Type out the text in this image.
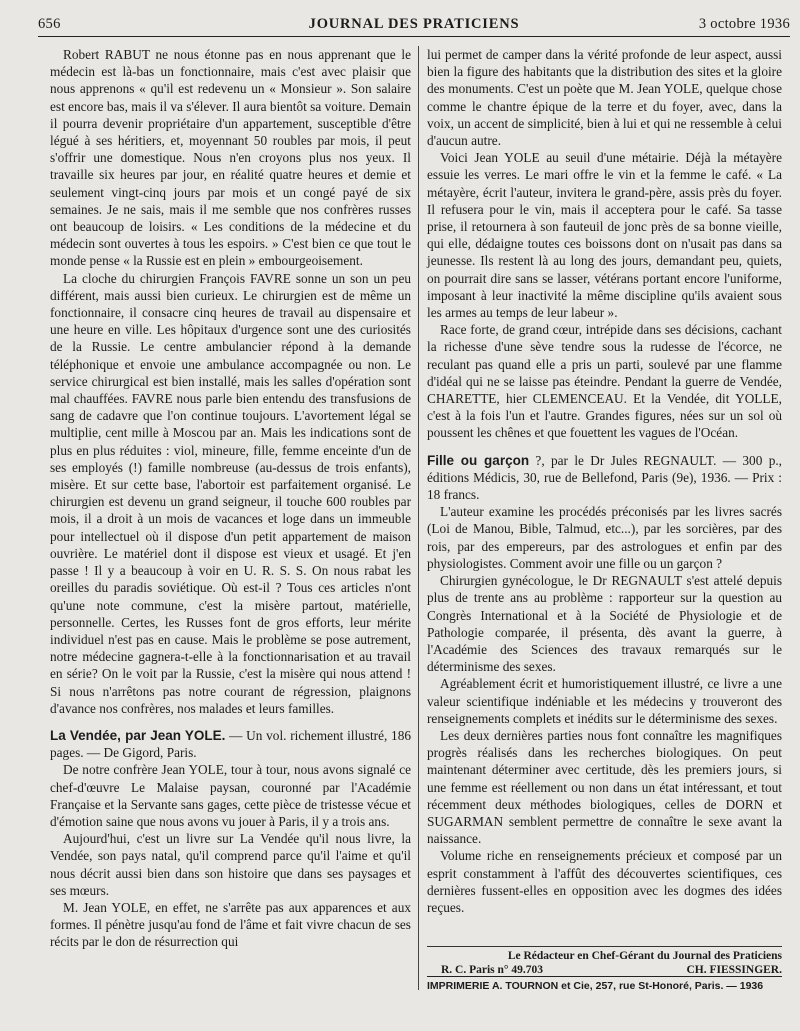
656	JOURNAL DES PRATICIENS	3 octobre 1936

Robert RABUT ne nous étonne pas en nous apprenant que le médecin est là-bas un fonctionnaire, mais c'est avec plaisir que nous apprenons « qu'il est redevenu un « Monsieur ». Son salaire est encore bas, mais il va s'élever. Il aura bientôt sa voiture. Demain il pourra devenir propriétaire d'un appartement, susceptible d'être légué à ses héritiers, et, moyennant 50 roubles par mois, il peut s'offrir une domestique. Nous n'en croyons plus nos yeux. Il travaille six heures par jour, en réalité quatre heures et demie et seulement vingt-cinq jours par mois et un congé payé de six semaines. Je ne sais, mais il me semble que nos confrères russes ont beaucoup de loisirs. « Les conditions de la médecine et du médecin sont ouvertes à tous les espoirs. » C'est bien ce que tout le monde pense « la Russie est en plein » embourgeoisement.

La cloche du chirurgien François FAVRE sonne un son un peu différent, mais aussi bien curieux. Le chirurgien est de même un fonctionnaire, il consacre cinq heures de travail au dispensaire et une heure en ville. Les hôpitaux d'urgence sont une des curiosités de la Russie. Le centre ambulancier répond à la demande téléphonique et envoie une ambulance accompagnée ou non. Le service chirurgical est bien installé, mais les salles d'opération sont mal chauffées. FAVRE nous parle bien entendu des transfusions de sang de cadavre que l'on continue toujours. L'avortement légal se multiplie, cent mille à Moscou par an. Mais les indications sont de plus en plus réduites : viol, mineure, fille, femme enceinte d'un de ses employés (!) famille nombreuse (au-dessus de trois enfants), misère. Et sur cette base, l'abortoir est parfaitement organisé. Le chirurgien est devenu un grand seigneur, il touche 600 roubles par mois, il a droit à un mois de vacances et loge dans un immeuble pour intellectuel où il dispose d'un petit appartement de maison ouvrière. Le matériel dont il dispose est vieux et usagé. Et j'en passe ! Il y a beaucoup à voir en U. R. S. S. On nous rabat les oreilles du paradis soviétique. Où est-il ? Tous ces articles n'ont qu'une note commune, c'est la misère partout, matérielle, personnelle. Certes, les Russes font de gros efforts, leur mérite individuel n'est pas en cause. Mais le problème se pose autrement, notre médecine gagnera-t-elle à la fonctionnarisation et au travail en série? On le voit par la Russie, c'est la misère qui nous attend ! Si nous n'arrêtons pas notre courant de régression, plaignons d'avance nos confrères, nos malades et leurs familles.

La Vendée, par Jean YOLE. — Un vol. richement illustré, 186 pages. — De Gigord, Paris.

De notre confrère Jean YOLE, tour à tour, nous avons signalé ce chef-d'œuvre Le Malaise paysan, couronné par l'Académie Française et la Servante sans gages, cette pièce de tristesse vécue et d'émotion saine que nous avons vu jouer à Paris, il y a trois ans.

Aujourd'hui, c'est un livre sur La Vendée qu'il nous livre, la Vendée, son pays natal, qu'il comprend parce qu'il l'aime et qu'il nous décrit aussi bien dans son histoire que dans ses paysages et ses mœurs.

M. Jean YOLE, en effet, ne s'arrête pas aux apparences et aux formes. Il pénètre jusqu'au fond de l'âme et fait vivre chacun de ses récits par le don de résurrection qui

lui permet de camper dans la vérité profonde de leur aspect, aussi bien la figure des habitants que la distribution des sites et la gloire des monuments. C'est un poète que M. Jean YOLE, quelque chose comme le chantre épique de la terre et du foyer, avec, dans la voix, un accent de simplicité, bien à lui et qui ne ressemble à celui d'aucun autre.

Voici Jean YOLE au seuil d'une métairie. Déjà la métayère essuie les verres. Le mari offre le vin et la femme le café. « La métayère, écrit l'auteur, invitera le grand-père, assis près du foyer. Il refusera pour le vin, mais il acceptera pour le café. Sa tasse prise, il retournera à son fauteuil de jonc près de sa bonne vieille, qui elle, dédaigne toutes ces boissons dont on n'usait pas dans sa jeunesse. Ils restent là au long des jours, demandant peu, quiets, on pourrait dire sans se lasser, vétérans portant encore l'uniforme, imposant à leur inactivité la même discipline qu'ils avaient sous les armes au temps de leur labeur ».

Race forte, de grand cœur, intrépide dans ses décisions, cachant la richesse d'une sève tendre sous la rudesse de l'écorce, ne reculant pas quand elle a pris un parti, soulevé par une flamme d'idéal qui ne se laisse pas éteindre. Pendant la guerre de Vendée, CHARETTE, hier CLEMENCEAU. Et la Vendée, dit YOLLE, c'est à la fois l'un et l'autre. Grandes figures, nées sur un sol où poussent les chênes et que fouettent les vagues de l'Océan.

Fille ou garçon ?, par le Dr Jules REGNAULT. — 300 p., éditions Médicis, 30, rue de Bellefond, Paris (9e), 1936. — Prix : 18 francs.

L'auteur examine les procédés préconisés par les livres sacrés (Loi de Manou, Bible, Talmud, etc...), par les sorcières, par des rois, par des empereurs, par des astrologues et enfin par des physiologistes. Comment avoir une fille ou un garçon ?

Chirurgien gynécologue, le Dr REGNAULT s'est attelé depuis plus de trente ans au problème : rapporteur sur la question au Congrès International et à la Société de Physiologie et de Pathologie comparée, il présenta, dès avant la guerre, à l'Académie des Sciences des travaux remarqués sur le déterminisme des sexes.

Agréablement écrit et humoristiquement illustré, ce livre a une valeur scientifique indéniable et les médecins y trouveront des renseignements complets et inédits sur le déterminisme des sexes.

Les deux dernières parties nous font connaître les magnifiques progrès réalisés dans les recherches biologiques. On peut maintenant déterminer avec certitude, dès les premiers jours, si une femme est réellement ou non dans un état intéressant, et tout récemment deux méthodes biologiques, celles de DORN et SUGARMAN semblent permettre de connaître le sexe avant la naissance.

Volume riche en renseignements précieux et composé par un esprit constamment à l'affût des découvertes scientifiques, ces dernières fussent-elles en opposition avec les dogmes des idées reçues.

Le Rédacteur en Chef-Gérant du Journal des Praticiens
R. C. Paris n° 49.703	CH. FIESSINGER.
IMPRIMERIE A. TOURNON et Cie, 257, rue St-Honoré, Paris. — 1936
